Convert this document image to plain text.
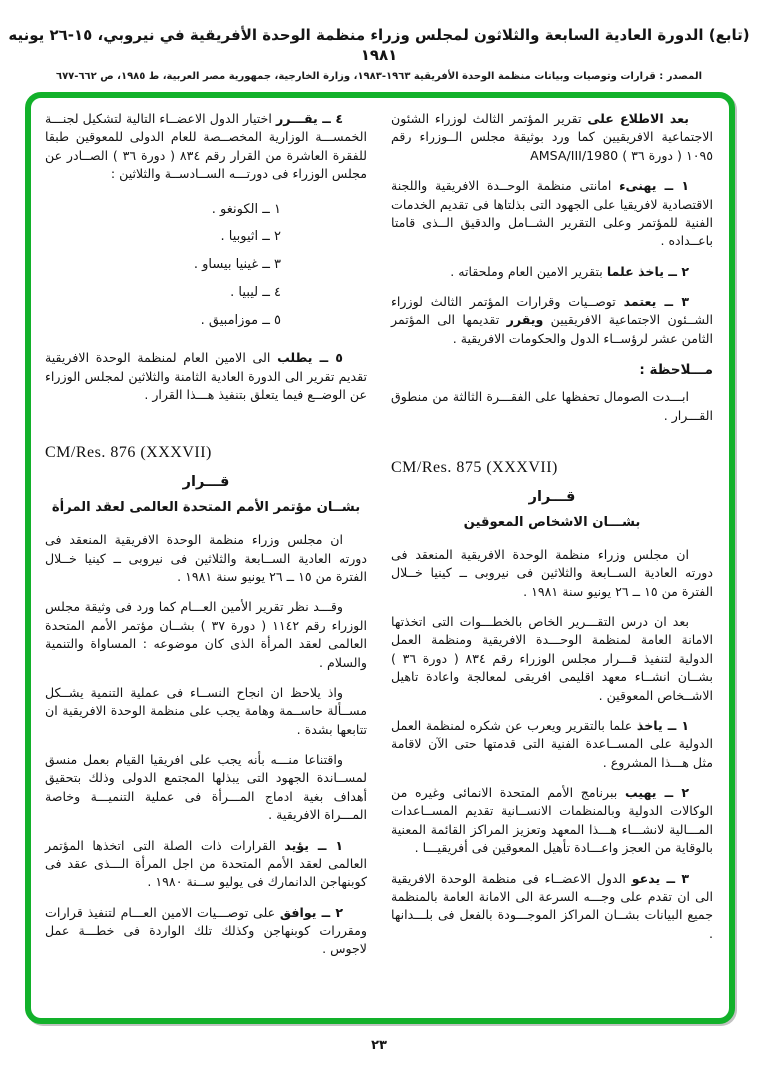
(تابع) الدورة العادية السابعة والثلاثون لمجلس وزراء منظمة الوحدة الأفريقية في نيروبي، ١٥-٢٦ يونيه ١٩٨١
المصدر : قرارات وتوصيات وبيانات منظمة الوحدة الأفريقية ١٩٦٣-١٩٨٣، وزارة الخارجية، جمهورية مصر العربية، ط ١٩٨٥، ص ٦٦٢-٦٧٧

بعد الاطلاع على تقرير المؤتمر الثالث لوزراء الشئون الاجتماعية الافريقيين كما ورد بوثيقة مجلس الــوزراء رقم ١٠٩٥ ( دورة ٣٦ ) AMSA/III/1980

١ ــ يهنىء امانتى منظمة الوحــدة الافريقية واللجنة الاقتصادية لافريقيا على الجهود التى بذلتاها فى تقديم الخدمات الفنية للمؤتمر وعلى التقرير الشــامل والدقيق الــذى قامتا باعــداده .

٢ ــ ياخذ علما بتقرير الامين العام وملحقاته .

٣ ــ يعتمد توصــيات وقرارات المؤتمر الثالث لوزراء الشــئون الاجتماعية الافريقيين ويقرر تقديمها الى المؤتمر الثامن عشر لرؤســاء الدول والحكومات الافريقية .

مـــلاحظة :

ابـــدت الصومال تحفظها على الفقـــرة الثالثة من منطوق القـــرار .

CM/Res. 875 (XXXVII)
قـــرار
بشـــان الاشخاص المعوقين

ان مجلس وزراء منظمة الوحدة الافريقية المنعقد فى دورته العادية الســابعة والثلاثين فى نيروبى ــ كينيا خــلال الفترة من ١٥ ــ ٢٦ يونيو سنة ١٩٨١ .

بعد ان درس التقـــرير الخاص بالخطـــوات التى اتخذتها الامانة العامة لمنظمة الوحـــدة الافريقية ومنظمة العمل الدولية لتنفيذ قـــرار مجلس الوزراء رقم ٨٣٤ ( دورة ٣٦ ) بشــان انشــاء معهد اقليمى افريقى لمعالجة واعادة تاهيل الاشــخاص المعوقين .

١ ــ ياخذ علما بالتقرير ويعرب عن شكره لمنظمة العمل الدولية على المســاعدة الفنية التى قدمتها حتى الآن لاقامة مثل هـــذا المشروع .

٢ ــ يهيب ببرنامج الأمم المتحدة الانمائى وغيره من الوكالات الدولية وبالمنظمات الانســانية تقديم المســاعدات المـــالية لانشـــاء هـــذا المعهد وتعزيز المراكز القائمة المعنية بالوقاية من العجز واعـــادة تأهيل المعوقين فى أفريقيـــا .

٣ ــ يدعو الدول الاعضــاء فى منظمة الوحدة الافريقية الى ان تقدم على وجـــه السرعة الى الامانة العامة بالمنظمة جميع البيانات بشــان المراكز الموجـــودة بالفعل فى بلـــدانها .

٤ ــ يقـــرر اختيار الدول الاعضــاء التالية لتشكيل لجنـــة الخمســـة الوزارية المخصــصة للعام الدولى للمعوقين طبقا للفقرة العاشرة من القرار رقم ٨٣٤ ( دورة ٣٦ ) الصــادر عن مجلس الوزراء فى دورتـــه الســادســة والثلاثين :

١ ــ الكونغو .
٢ ــ اثيوبيا .
٣ ــ غينيا بيساو .
٤ ــ ليبيا .
٥ ــ موزامبيق .

٥ ــ يطلب الى الامين العام لمنظمة الوحدة الافريقية تقديم تقرير الى الدورة العادية الثامنة والثلاثين لمجلس الوزراء عن الوضــع فيما يتعلق بتنفيذ هـــذا القرار .

CM/Res. 876 (XXXVII)
قـــرار
بشــان مؤتمر الأمم المتحدة العالمى لعقد المرأة

ان مجلس وزراء منظمة الوحدة الافريقية المنعقد فى دورته العادية الســابعة والثلاثين فى نيروبى ــ كينيا خــلال الفترة من ١٥ ــ ٢٦ يونيو سنة ١٩٨١ .

وقـــد نظر تقرير الأمين العـــام كما ورد فى وثيقة مجلس الوزراء رقم ١١٤٢ ( دورة ٣٧ ) بشــان مؤتمر الأمم المتحدة العالمى لعقد المرأة الذى كان موضوعه : المساواة والتنمية والسلام .

واذ يلاحظ ان انجاح النســاء فى عملية التنمية يشــكل مســألة حاســمة وهامة يجب على منظمة الوحدة الافريقية ان تتابعها بشدة .

واقتناعا منـــه بأنه يجب على افريقيا القيام بعمل منسق لمســاندة الجهود التى يبذلها المجتمع الدولى وذلك بتحقيق أهداف بغية ادماج المـــرأة فى عملية التنميـــة وخاصة المـــراة الافريقية .

١ ــ يؤيد القرارات ذات الصلة التى اتخذها المؤتمر العالمى لعقد الأمم المتحدة من اجل المرأة الـــذى عقد فى كوبنهاجن الدانمارك فى يوليو ســنة ١٩٨٠ .

٢ ــ يوافق على توصـــيات الامين العـــام لتنفيذ قرارات ومقررات كوبنهاجن وكذلك تلك الواردة فى خطـــة عمل لاجوس .

٢٣
